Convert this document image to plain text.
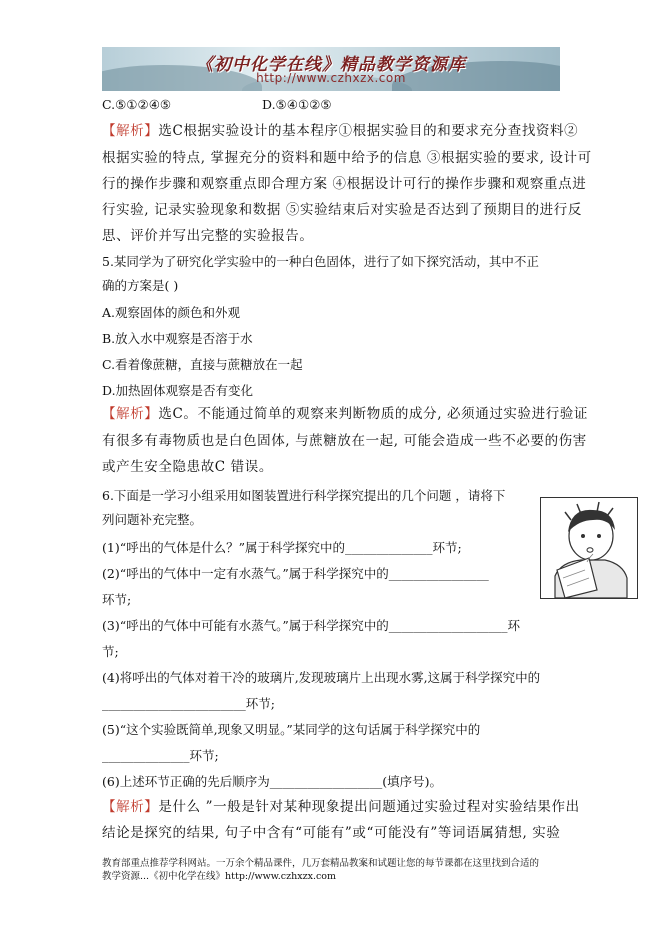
《初中化学在线》精品教学资源库
http://www.czhxzx.com
C.⑤①②④⑤	D.⑤④①②⑤
【解析】选C根据实验设计的基本程序①根据实验目的和要求充分查找资料②
根据实验的特点, 掌握充分的资料和题中给予的信息 ③根据实验的要求, 设计可
行的操作步骤和观察重点即合理方案 ④根据设计可行的操作步骤和观察重点进
行实验, 记录实验现象和数据 ⑤实验结束后对实验是否达到了预期目的进行反
思、评价并写出完整的实验报告。
5.某同学为了研究化学实验中的一种白色固体，进行了如下探究活动，其中不正
确的方案是( )
A.观察固体的颜色和外观
B.放入水中观察是否溶于水
C.看着像蔗糖，直接与蔗糖放在一起
D.加热固体观察是否有变化
【解析】选C。不能通过简单的观察来判断物质的成分, 必须通过实验进行验证
有很多有毒物质也是白色固体, 与蔗糖放在一起, 可能会造成一些不必要的伤害
或产生安全隐患故C 错误。
6.下面是一学习小组采用如图装置进行科学探究提出的几个问题 ，请将下
列问题补充完整。
(1)“呼出的气体是什么？”属于科学探究中的______________环节;
(2)“呼出的气体中一定有水蒸气。”属于科学探究中的________________
环节;
(3)“呼出的气体中可能有水蒸气。”属于科学探究中的___________________环
节;
(4)将呼出的气体对着干冷的玻璃片,发现玻璃片上出现水雾,这属于科学探究中的
_______________________环节;
(5)“这个实验既简单,现象又明显。”某同学的这句话属于科学探究中的
______________环节;
(6)上述环节正确的先后顺序为__________________(填序号)。
【解析】是什么 ”一般是针对某种现象提出问题通过实验过程对实验结果作出
结论是探究的结果, 句子中含有“可能有”或“可能没有”等词语属猜想, 实验
教育部重点推荐学科网站。一万余个精品课件，几万套精品教案和试题让您的每节课都在这里找到合适的
教学资源...《初中化学在线》http://www.czhxzx.com
